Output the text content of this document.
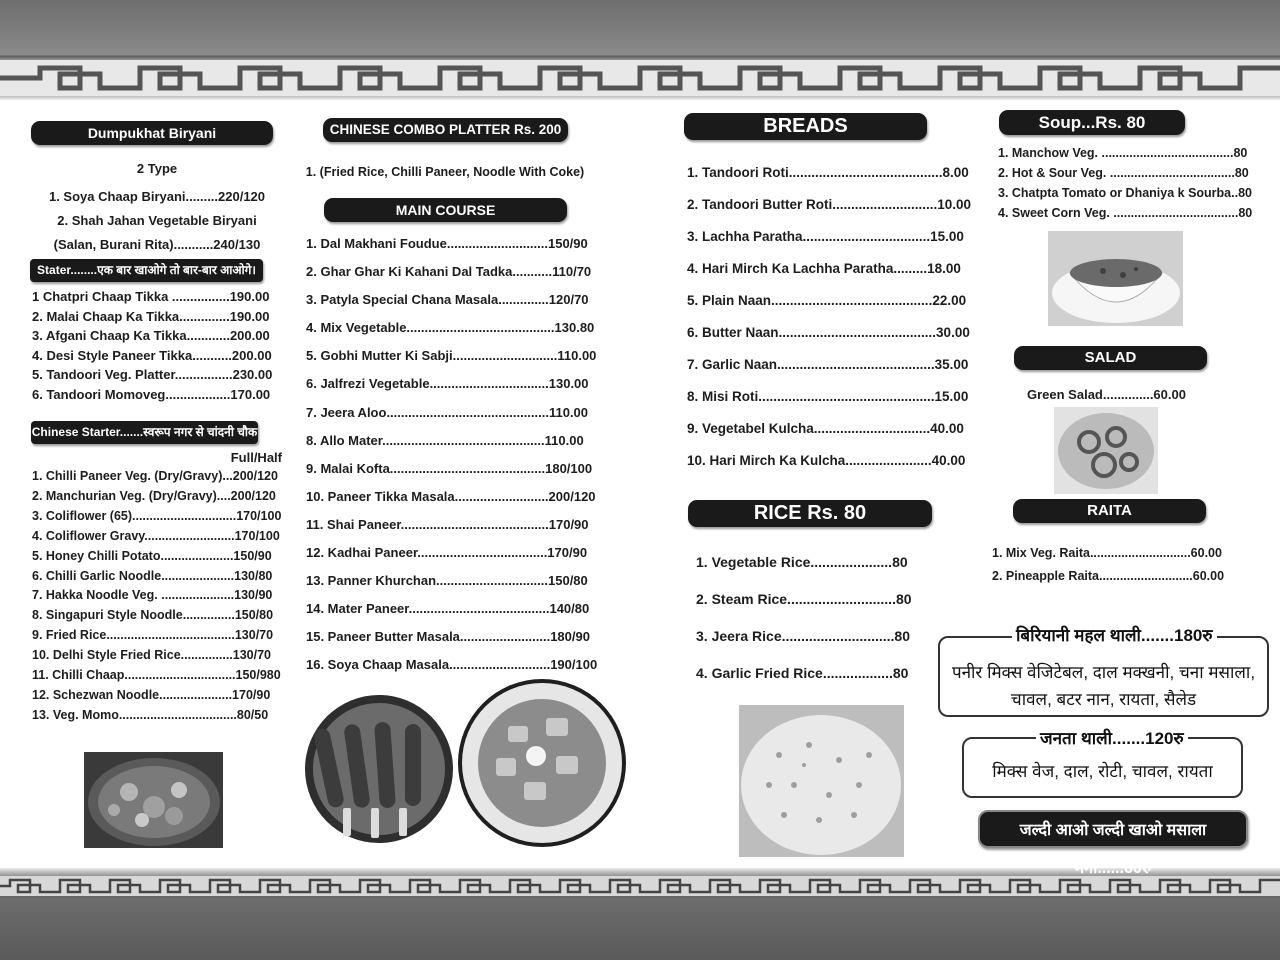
Dumpukhat Biryani
2 Type
1. Soya Chaap Biryani.........220/120
2. Shah Jahan Vegetable Biryani
(Salan, Burani Rita)...........240/130
Stater........एक बार खाओगे तो बार-बार आओगे।
1 Chatpri Chaap Tikka ................190.00
2. Malai Chaap Ka Tikka..............190.00
3. Afgani Chaap Ka Tikka............200.00
4. Desi Style Paneer Tikka...........200.00
5. Tandoori Veg. Platter................230.00
6. Tandoori Momoveg..................170.00
Chinese Starter.......स्वरूप नगर से चांदनी चौक
Full/Half
1. Chilli Paneer Veg. (Dry/Gravy)...200/120
2. Manchurian Veg. (Dry/Gravy)....200/120
3. Coliflower (65)..............................170/100
4. Coliflower Gravy..........................170/100
5. Honey Chilli Potato.....................150/90
6. Chilli Garlic Noodle.....................130/80
7. Hakka Noodle Veg. .....................130/90
8. Singapuri Style Noodle...............150/80
9. Fried Rice.....................................130/70
10. Delhi Style Fried Rice...............130/70
11. Chilli Chaap................................150/980
12. Schezwan Noodle.....................170/90
13. Veg. Momo..................................80/50
CHINESE COMBO PLATTER Rs. 200
1. (Fried Rice, Chilli Paneer, Noodle With Coke)
MAIN COURSE
1. Dal Makhani Foudue............................150/90
2. Ghar Ghar Ki Kahani Dal Tadka...........110/70
3. Patyla Special Chana Masala..............120/70
4. Mix Vegetable.........................................130.80
5. Gobhi Mutter Ki Sabji.............................110.00
6. Jalfrezi Vegetable.................................130.00
7. Jeera Aloo.............................................110.00
8. Allo Mater.............................................110.00
9. Malai Kofta...........................................180/100
10. Paneer Tikka Masala..........................200/120
11. Shai Paneer.........................................170/90
12. Kadhai Paneer....................................170/90
13. Panner Khurchan...............................150/80
14. Mater Paneer.......................................140/80
15. Paneer Butter Masala.........................180/90
16. Soya Chaap Masala............................190/100
BREADS
1. Tandoori Roti.........................................8.00
2. Tandoori Butter Roti............................10.00
3. Lachha Paratha..................................15.00
4. Hari Mirch Ka Lachha Paratha.........18.00
5. Plain Naan...........................................22.00
6. Butter Naan..........................................30.00
7. Garlic Naan..........................................35.00
8. Misi Roti...............................................15.00
9. Vegetabel Kulcha...............................40.00
10. Hari Mirch Ka Kulcha.......................40.00
RICE Rs. 80
1. Vegetable Rice.....................80
2. Steam Rice............................80
3. Jeera Rice.............................80
4. Garlic Fried Rice..................80
Soup...Rs. 80
1. Manchow Veg. ......................................80
2. Hot & Sour Veg. ....................................80
3. Chatpta Tomato or Dhaniya k Sourba..80
4. Sweet Corn Veg. ....................................80
SALAD
Green Salad..............60.00
RAITA
1. Mix Veg. Raita.............................60.00
2. Pineapple Raita...........................60.00
बिरियानी महल थाली.......180रु
पनीर मिक्स वेजिटेबल, दाल मक्खनी, चना मसाला,
चावल, बटर नान, रायता, सैलेड
जनता थाली.......120रु
मिक्स वेज, दाल, रोटी, चावल, रायता
जल्दी आओ जल्दी खाओ मसाला मैगी......60रु
